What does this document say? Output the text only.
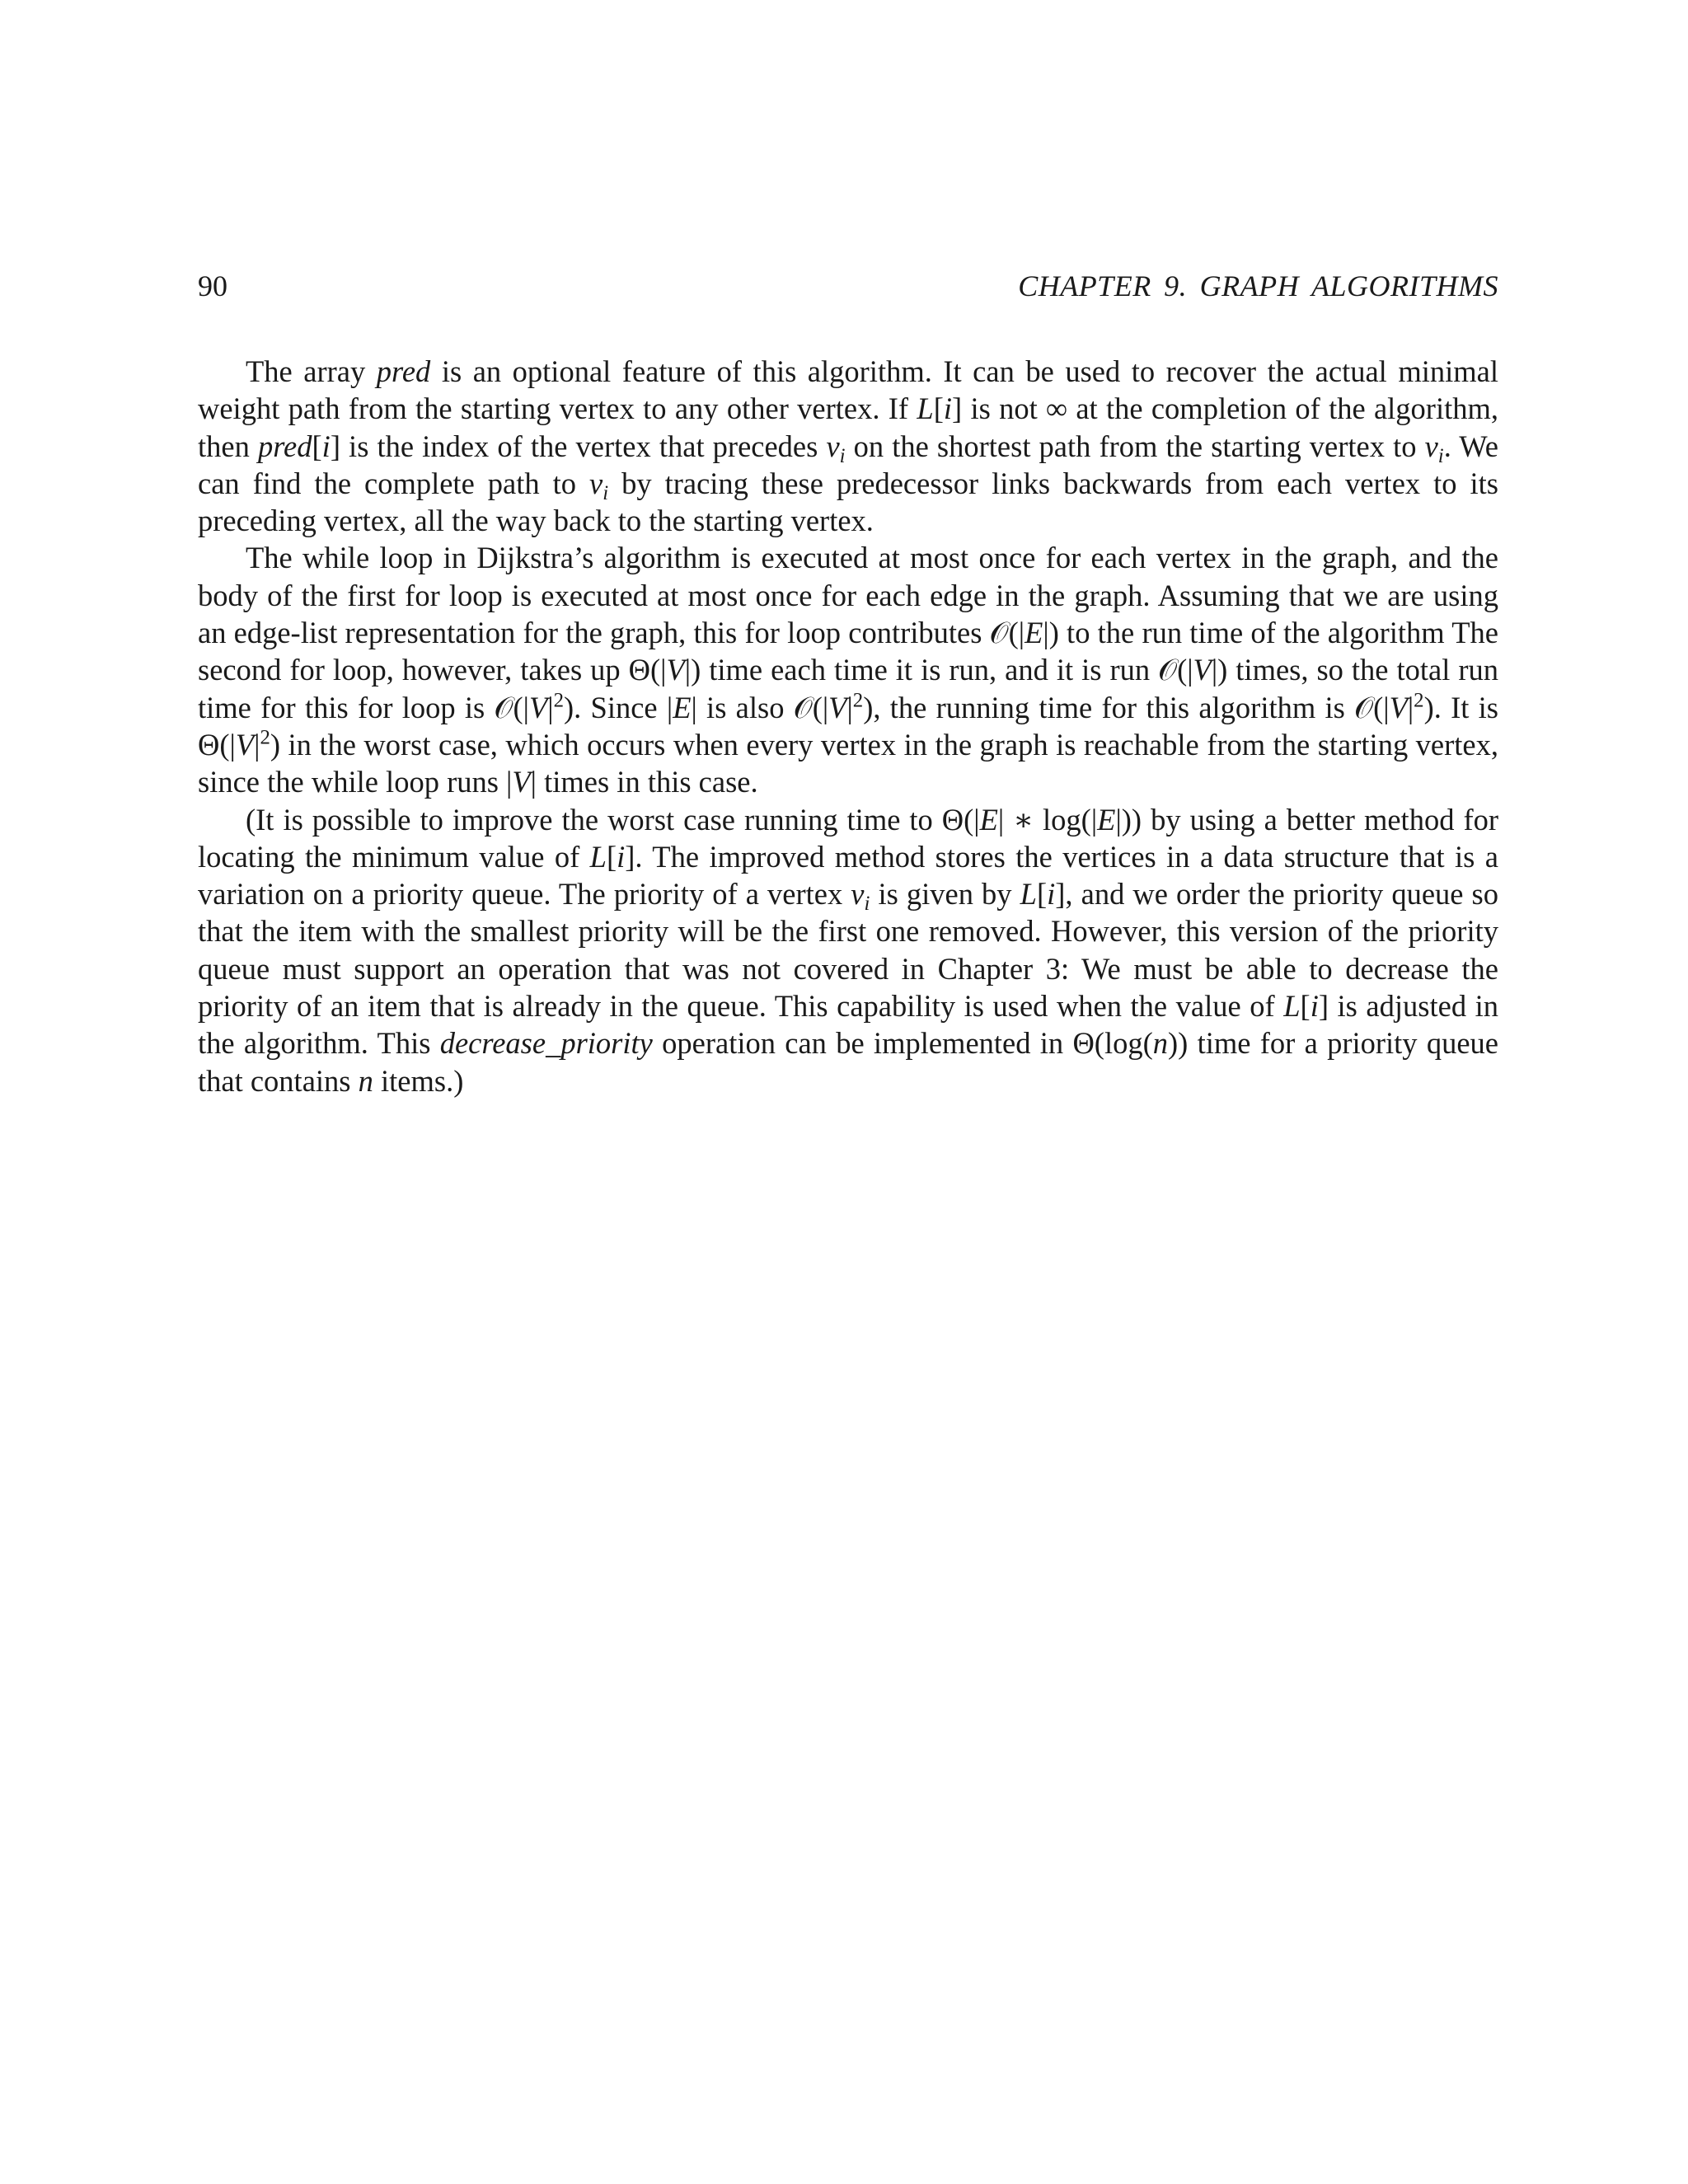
90	CHAPTER 9. GRAPH ALGORITHMS

The array pred is an optional feature of this algorithm. It can be used to recover the actual minimal weight path from the starting vertex to any other vertex. If L[i] is not ∞ at the completion of the algorithm, then pred[i] is the index of the vertex that precedes $v_i$ on the shortest path from the starting vertex to $v_i$. We can find the complete path to $v_i$ by tracing these predecessor links backwards from each vertex to its preceding vertex, all the way back to the starting vertex.

The while loop in Dijkstra’s algorithm is executed at most once for each vertex in the graph, and the body of the first for loop is executed at most once for each edge in the graph. Assuming that we are using an edge-list representation for the graph, this for loop contributes 𝒪(|E|) to the run time of the algorithm The second for loop, however, takes up Θ(|V|) time each time it is run, and it is run 𝒪(|V|) times, so the total run time for this for loop is $𝒪(|V|^2)$. Since |E| is also $𝒪(|V|^2)$, the running time for this algorithm is $𝒪(|V|^2)$. It is $\Theta(|V|^2)$ in the worst case, which occurs when every vertex in the graph is reachable from the starting vertex, since the while loop runs |V| times in this case.

(It is possible to improve the worst case running time to Θ(|E| ∗ log(|E|)) by using a better method for locating the minimum value of L[i]. The improved method stores the vertices in a data structure that is a variation on a priority queue. The priority of a vertex $v_i$ is given by L[i], and we order the priority queue so that the item with the smallest priority will be the first one removed. However, this version of the priority queue must support an operation that was not covered in Chapter 3: We must be able to decrease the priority of an item that is already in the queue. This capability is used when the value of L[i] is adjusted in the algorithm. This decrease_priority operation can be implemented in Θ(log(n)) time for a priority queue that contains n items.)
